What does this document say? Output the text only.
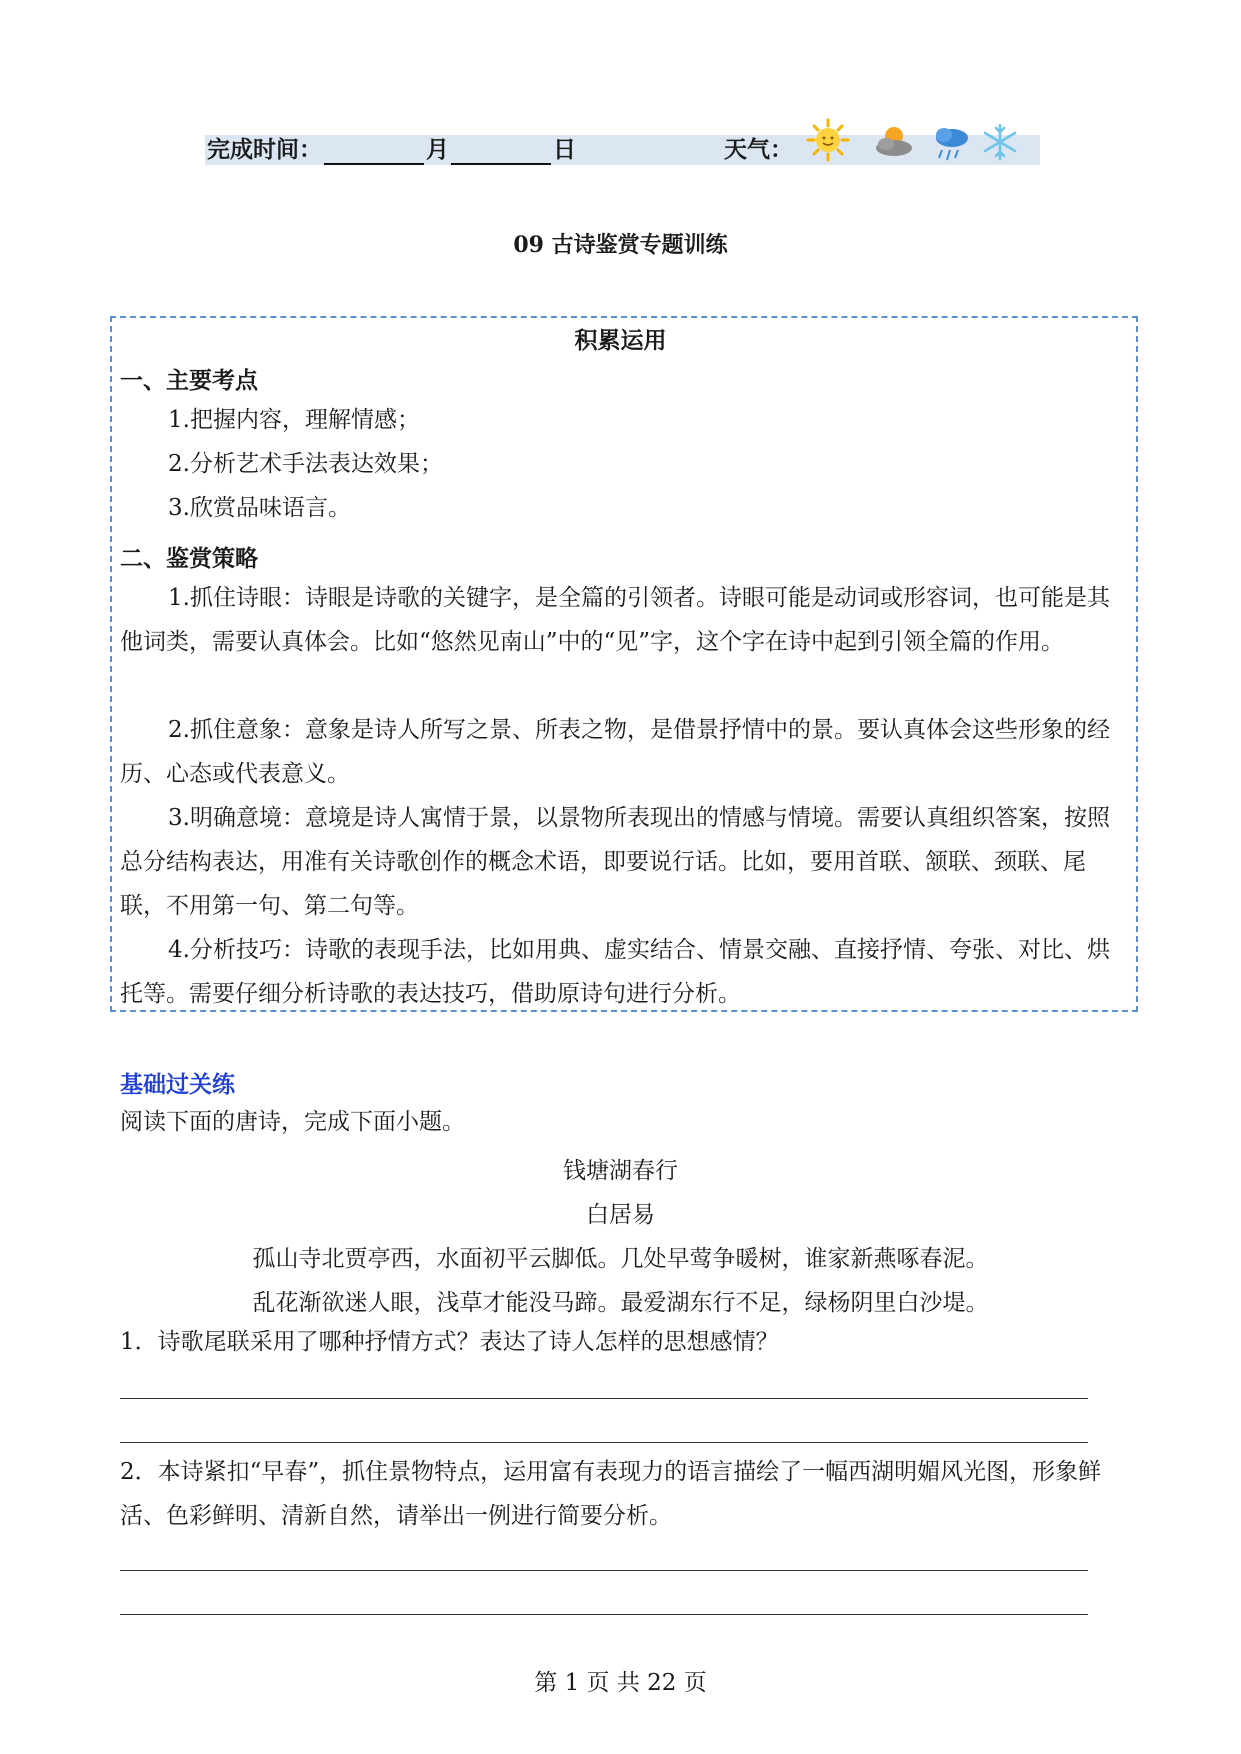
完成时间：	月	日	天气：
09 古诗鉴赏专题训练
积累运用
一、主要考点
1.把握内容，理解情感；
2.分析艺术手法表达效果；
3.欣赏品味语言。
二、鉴赏策略
1.抓住诗眼：诗眼是诗歌的关键字，是全篇的引领者。诗眼可能是动词或形容词，也可能是其他词类，需要认真体会。比如“悠然见南山”中的“见”字，这个字在诗中起到引领全篇的作用。
2.抓住意象：意象是诗人所写之景、所表之物，是借景抒情中的景。要认真体会这些形象的经历、心态或代表意义。
3.明确意境：意境是诗人寓情于景，以景物所表现出的情感与情境。需要认真组织答案，按照总分结构表达，用准有关诗歌创作的概念术语，即要说行话。比如，要用首联、颔联、颈联、尾联，不用第一句、第二句等。
4.分析技巧：诗歌的表现手法，比如用典、虚实结合、情景交融、直接抒情、夸张、对比、烘托等。需要仔细分析诗歌的表达技巧，借助原诗句进行分析。
基础过关练
阅读下面的唐诗，完成下面小题。
钱塘湖春行
白居易
孤山寺北贾亭西，水面初平云脚低。几处早莺争暖树，谁家新燕啄春泥。
乱花渐欲迷人眼，浅草才能没马蹄。最爱湖东行不足，绿杨阴里白沙堤。
1．诗歌尾联采用了哪种抒情方式？表达了诗人怎样的思想感情？
2．本诗紧扣“早春”，抓住景物特点，运用富有表现力的语言描绘了一幅西湖明媚风光图，形象鲜活、色彩鲜明、清新自然，请举出一例进行简要分析。
第 1 页 共 22 页
